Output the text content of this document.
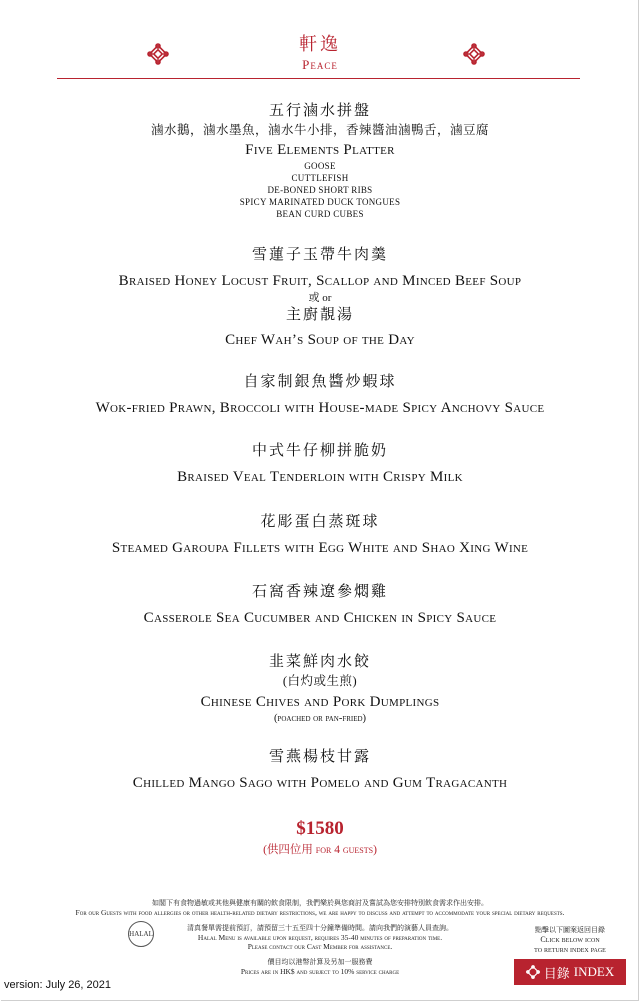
軒逸
Peace
五行滷水拼盤
滷水鵝，滷水墨魚，滷水牛小排，香辣醬油滷鴨舌，滷豆腐
Five Elements Platter
GOOSE
CUTTLEFISH
DE-BONED SHORT RIBS
SPICY MARINATED DUCK TONGUES
BEAN CURD CUBES
雪蓮子玉帶牛肉羹
Braised Honey Locust Fruit, Scallop and Minced Beef Soup
或 or
主廚靚湯
Chef Wah’s Soup of the Day
自家制銀魚醬炒蝦球
Wok-fried Prawn, Broccoli with House-made Spicy Anchovy Sauce
中式牛仔柳拼脆奶
Braised Veal Tenderloin with Crispy Milk
花彫蛋白蒸斑球
Steamed Garoupa Fillets with Egg White and Shao Xing Wine
石窩香辣遼參燜雞
Casserole Sea Cucumber and Chicken in Spicy Sauce
韭菜鮮肉水餃
(白灼或生煎)
Chinese Chives and Pork Dumplings
(poached or pan-fried)
雪燕楊枝甘露
Chilled Mango Sago with Pomelo and Gum Tragacanth
$1580
(供四位用 for 4 guests)
如閣下有食物過敏或其他與健康有關的飲食限制，我們樂於與您商討及嘗試為您安排特別飲食需求作出安排。
For our Guests with food allergies or other health-related dietary restrictions, we are happy to discuss and attempt to accommodate your special dietary requests.
HALAL
清真餐單需提前預訂，請預留三十五至四十分鐘準備時間。請向我們的演藝人員查詢。
Halal Menu is available upon request, requires 35-40 minutes of preparation time.
Please contact our Cast Member for assistance.
價目均以港幣計算及另加一服務費
Prices are in HK$ and subject to 10% service charge
version: July 26, 2021
點擊以下圖案返回目錄
Click below icon
to return index page
目錄 INDEX
